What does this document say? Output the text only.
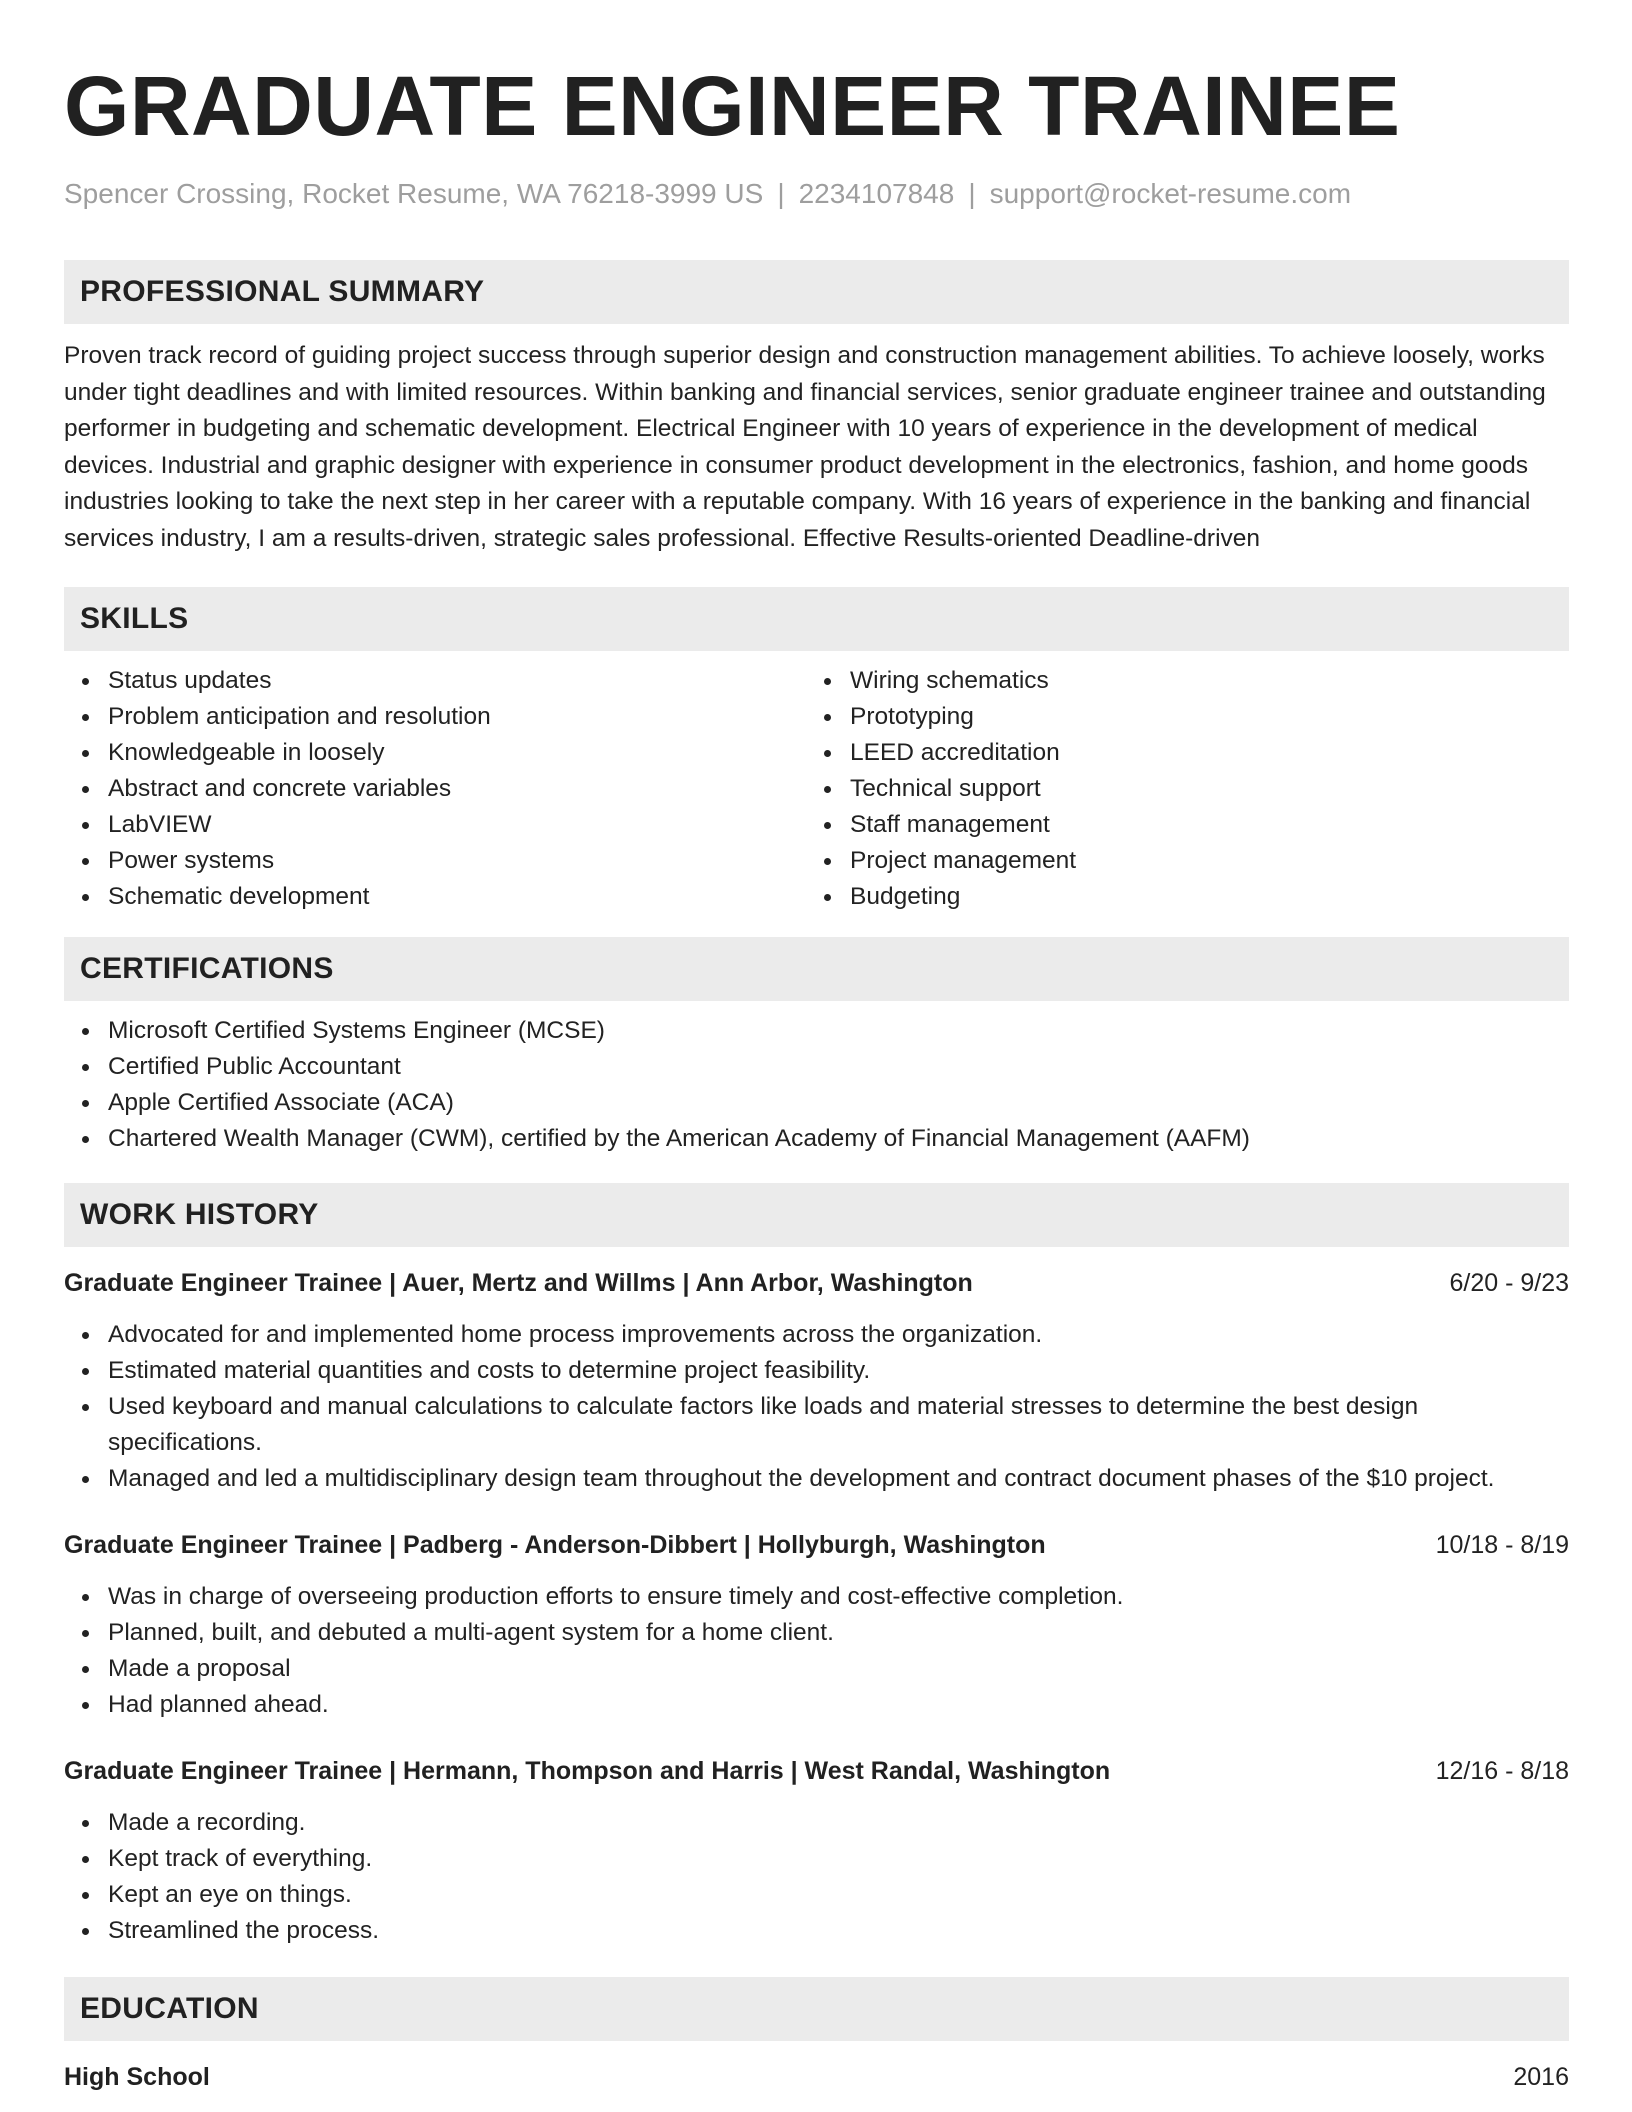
GRADUATE ENGINEER TRAINEE
Spencer Crossing, Rocket Resume, WA 76218-3999 US | 2234107848 | support@rocket-resume.com
PROFESSIONAL SUMMARY

Proven track record of guiding project success through superior design and construction management abilities. To achieve loosely, works under tight deadlines and with limited resources. Within banking and financial services, senior graduate engineer trainee and outstanding performer in budgeting and schematic development. Electrical Engineer with 10 years of experience in the development of medical devices. Industrial and graphic designer with experience in consumer product development in the electronics, fashion, and home goods industries looking to take the next step in her career with a reputable company. With 16 years of experience in the banking and financial services industry, I am a results-driven, strategic sales professional. Effective Results-oriented Deadline-driven

SKILLS
Status updates
Problem anticipation and resolution
Knowledgeable in loosely
Abstract and concrete variables
LabVIEW
Power systems
Schematic development
Wiring schematics
Prototyping
LEED accreditation
Technical support
Staff management
Project management
Budgeting
CERTIFICATIONS
Microsoft Certified Systems Engineer (MCSE)
Certified Public Accountant
Apple Certified Associate (ACA)
Chartered Wealth Manager (CWM), certified by the American Academy of Financial Management (AAFM)
WORK HISTORY
Graduate Engineer Trainee | Auer, Mertz and Willms | Ann Arbor, Washington	6/20 - 9/23
Advocated for and implemented home process improvements across the organization.
Estimated material quantities and costs to determine project feasibility.
Used keyboard and manual calculations to calculate factors like loads and material stresses to determine the best design specifications.
Managed and led a multidisciplinary design team throughout the development and contract document phases of the $10 project.
Graduate Engineer Trainee | Padberg - Anderson-Dibbert | Hollyburgh, Washington	10/18 - 8/19
Was in charge of overseeing production efforts to ensure timely and cost-effective completion.
Planned, built, and debuted a multi-agent system for a home client.
Made a proposal
Had planned ahead.
Graduate Engineer Trainee | Hermann, Thompson and Harris | West Randal, Washington	12/16 - 8/18
Made a recording.
Kept track of everything.
Kept an eye on things.
Streamlined the process.
EDUCATION
High School	2016
